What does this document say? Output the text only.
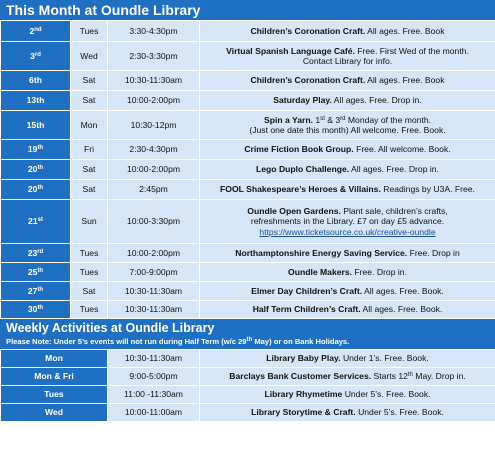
This Month at Oundle Library
2nd	Tues	3:30-4:30pm	Children’s Coronation Craft. All ages. Free. Book
3rd	Wed	2:30-3:30pm	Virtual Spanish Language Café. Free. First Wed of the month.
Contact Library for info.
6th	Sat	10:30-11:30am	Children’s Coronation Craft. All ages. Free. Book
13th	Sat	10:00-2:00pm	Saturday Play. All ages. Free. Drop in.
15th	Mon	10:30-12pm	Spin a Yarn. 1st & 3rd Monday of the month.
(Just one date this month) All welcome. Free. Book.
19th	Fri	2:30-4:30pm	Crime Fiction Book Group. Free. All welcome. Book.
20th	Sat	10:00-2:00pm	Lego Duplo Challenge. All ages. Free. Drop in.
20th	Sat	2:45pm	FOOL Shakespeare’s Heroes & Villains. Readings by U3A. Free.
21st	Sun	10:00-3:30pm	Oundle Open Gardens. Plant sale, children’s crafts,
refreshments in the Library. £7 on day £5 advance.
https://www.ticketsource.co.uk/creative-oundle
23rd	Tues	10:00-2:00pm	Northamptonshire Energy Saving Service. Free. Drop in
25th	Tues	7:00-9:00pm	Oundle Makers. Free. Drop in.
27th	Sat	10:30-11:30am	Elmer Day Children’s Craft. All ages. Free. Book.
30th	Tues	10:30-11:30am	Half Term Children’s Craft. All ages. Free. Book.
Weekly Activities at Oundle Library
Please Note: Under 5’s events will not run during Half Term (w/c 29th May) or on Bank Holidays.
Mon	10:30-11:30am	Library Baby Play. Under 1’s. Free. Book.
Mon & Fri	9:00-5:00pm	Barclays Bank Customer Services. Starts 12th May. Drop in.
Tues	11:00 -11:30am	Library Rhymetime Under 5’s. Free. Book.
Wed	10:00-11:00am	Library Storytime & Craft. Under 5’s. Free. Book.
